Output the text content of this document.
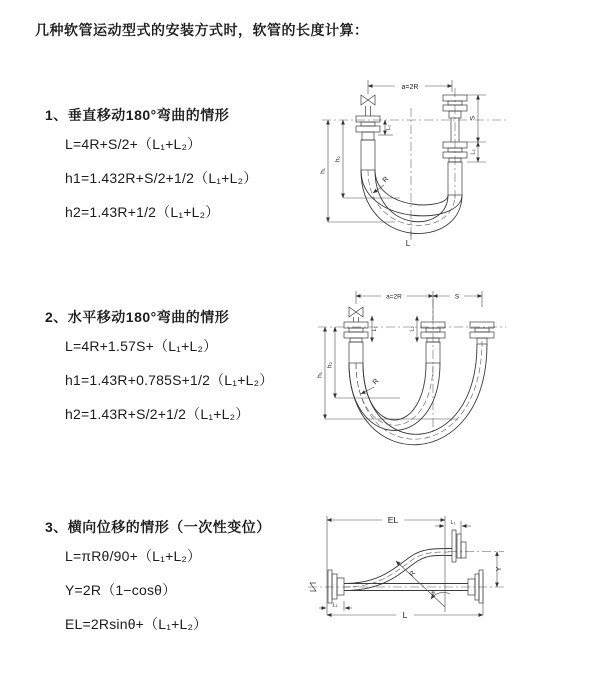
几种软管运动型式的安装方式时，软管的长度计算：
1、垂直移动180°弯曲的情形
L=4R+S/2+（L₁+L₂）
h1=1.432R+S/2+1/2（L₁+L₂）
h2=1.43R+1/2（L₁+L₂）
2、水平移动180°弯曲的情形
L=4R+1.57S+（L₁+L₂）
h1=1.43R+0.785S+1/2（L₁+L₂）
h2=1.43R+S/2+1/2（L₁+L₂）
3、横向位移的情形（一次性变位）
L=πRθ/90+（L₁+L₂）
Y=2R（1−cosθ）
EL=2Rsinθ+（L₁+L₂）
a=2R
h₁
h₂
L₁
S
L₂
R
L
a=2R	S
L₁	L₂
h₁
h₂
R
EL	L₁
R
θ
Y
L₁
L
